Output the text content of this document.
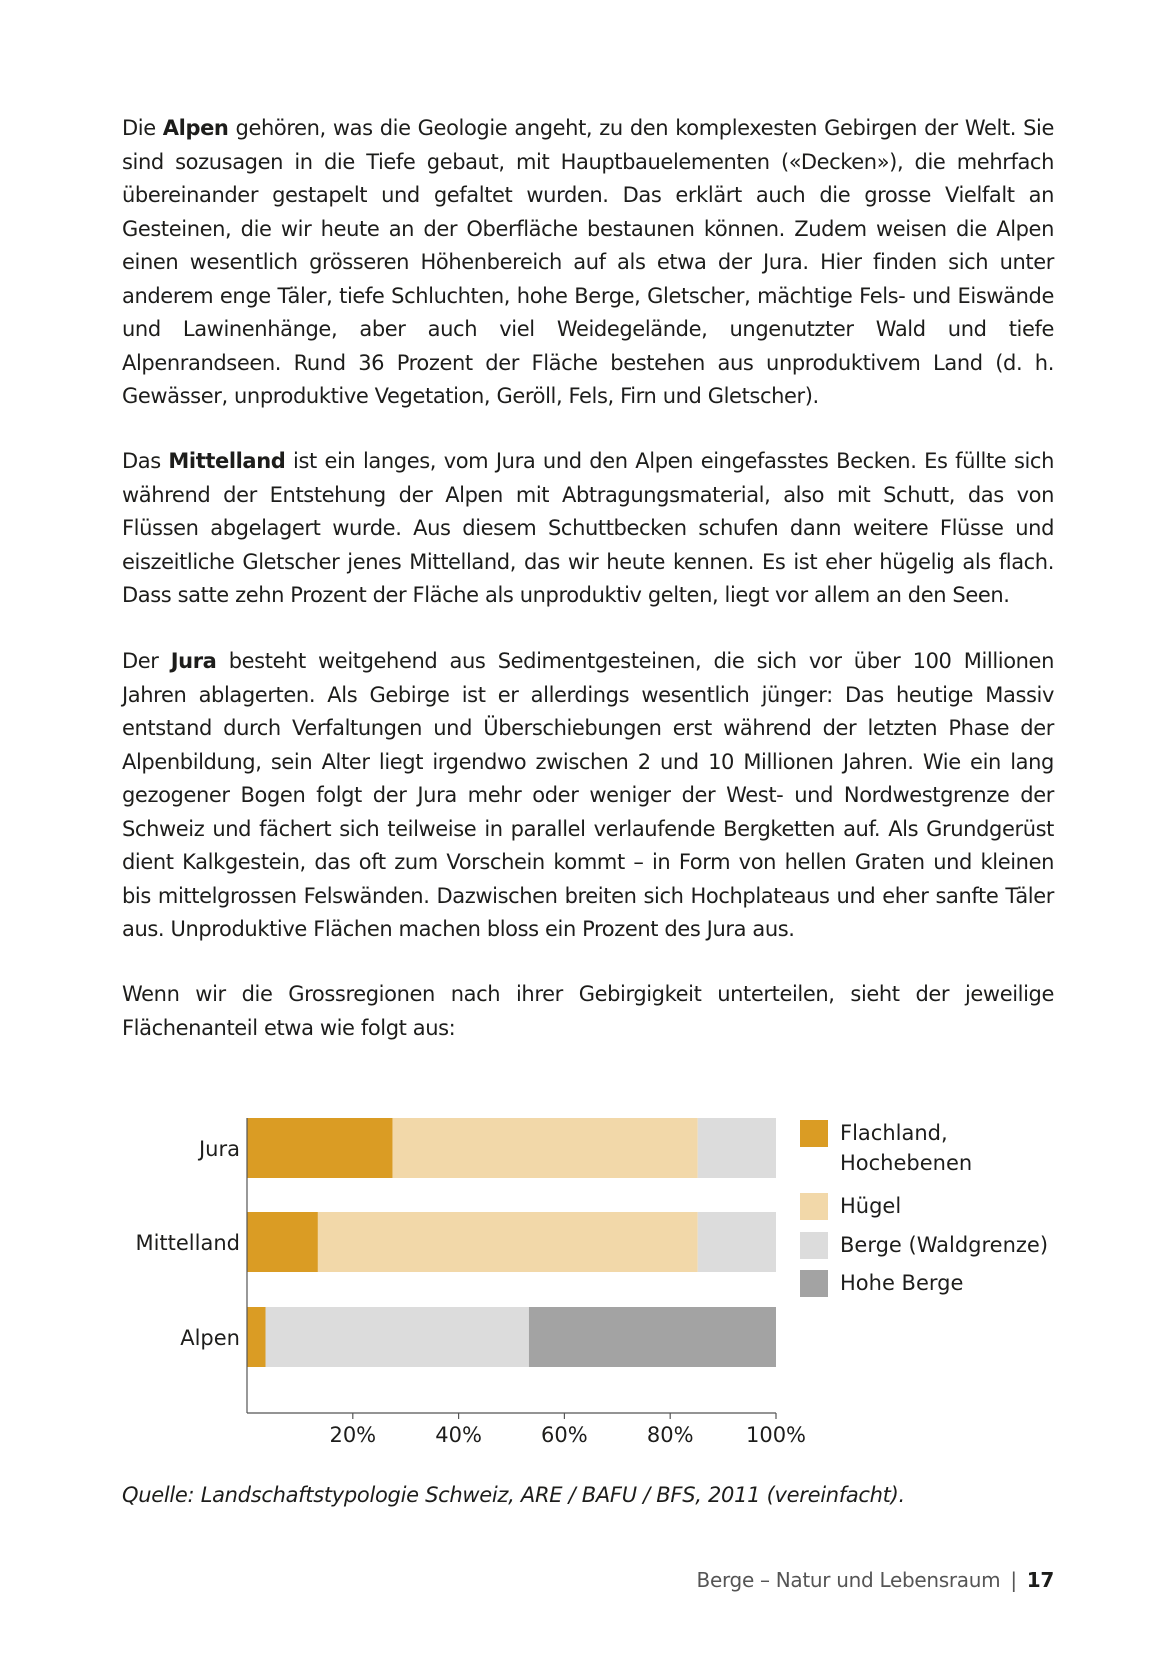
Die Alpen gehören, was die Geologie angeht, zu den komplexesten Gebirgen der Welt. Sie sind sozusagen in die Tiefe gebaut, mit Hauptbauelementen («Decken»), die mehrfach übereinander gestapelt und gefaltet wurden. Das erklärt auch die grosse Vielfalt an Gesteinen, die wir heute an der Oberfläche bestaunen können. Zudem weisen die Alpen einen wesentlich grösseren Höhenbereich auf als etwa der Jura. Hier finden sich unter anderem enge Täler, tiefe Schluchten, hohe Berge, Gletscher, mächtige Fels- und Eiswände und Lawinenhänge, aber auch viel Weidegelände, ungenutzter Wald und tiefe Alpenrandseen. Rund 36 Prozent der Fläche bestehen aus unproduktivem Land (d. h. Gewässer, unproduktive Vegetation, Geröll, Fels, Firn und Gletscher).
Das Mittelland ist ein langes, vom Jura und den Alpen eingefasstes Becken. Es füllte sich während der Entstehung der Alpen mit Abtragungsmaterial, also mit Schutt, das von Flüssen abgelagert wurde. Aus diesem Schuttbecken schufen dann weitere Flüsse und eiszeitliche Gletscher jenes Mittelland, das wir heute kennen. Es ist eher hügelig als flach. Dass satte zehn Prozent der Fläche als unproduktiv gelten, liegt vor allem an den Seen.
Der Jura besteht weitgehend aus Sedimentgesteinen, die sich vor über 100 Millionen Jahren ablagerten. Als Gebirge ist er allerdings wesentlich jünger: Das heutige Massiv entstand durch Verfaltungen und Überschiebungen erst während der letzten Phase der Alpenbildung, sein Alter liegt irgendwo zwischen 2 und 10 Millionen Jahren. Wie ein lang gezogener Bogen folgt der Jura mehr oder weniger der West- und Nordwestgrenze der Schweiz und fächert sich teilweise in parallel verlaufende Bergketten auf. Als Grundgerüst dient Kalkgestein, das oft zum Vorschein kommt – in Form von hellen Graten und kleinen bis mittelgrossen Felswänden. Dazwischen breiten sich Hochplateaus und eher sanfte Täler aus. Unproduktive Flächen machen bloss ein Prozent des Jura aus.
Wenn wir die Grossregionen nach ihrer Gebirgigkeit unterteilen, sieht der jeweilige Flächenanteil etwa wie folgt aus:
20%	40%	60%	80% 100%
Jura
Mittelland
Alpen
Flachland, Hochebenen
Hügel
Berge (Waldgrenze)
Hohe Berge
Quelle: Landschaftstypologie Schweiz, ARE / BAFU / BFS, 2011 (vereinfacht).
Berge – Natur und Lebensraum | 17
